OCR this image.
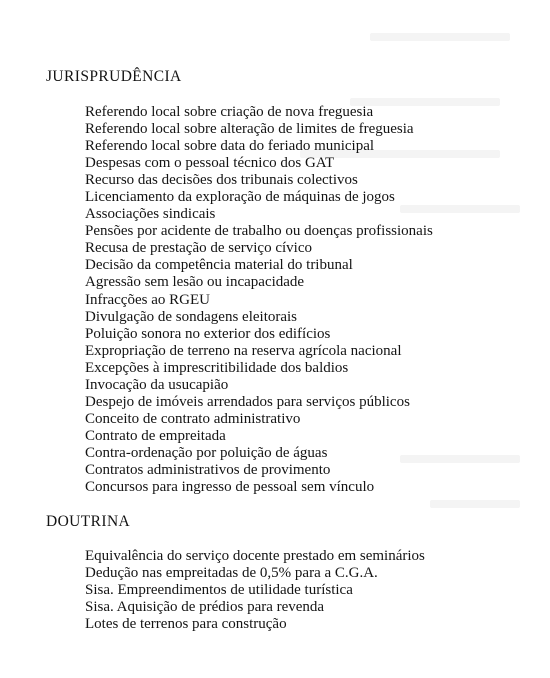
JURISPRUDÊNCIA
Referendo local sobre criação de nova freguesia
Referendo local sobre alteração de limites de freguesia
Referendo local sobre data do feriado municipal
Despesas com o pessoal técnico dos GAT
Recurso das decisões dos tribunais colectivos
Licenciamento da exploração de máquinas de jogos
Associações sindicais
Pensões por acidente de trabalho ou doenças profissionais
Recusa de prestação de serviço cívico
Decisão da competência material do tribunal
Agressão sem lesão ou incapacidade
Infracções ao RGEU
Divulgação de sondagens eleitorais
Poluição sonora no exterior dos edifícios
Expropriação de terreno na reserva agrícola nacional
Excepções à imprescritibilidade dos baldios
Invocação da usucapião
Despejo de imóveis arrendados para serviços públicos
Conceito de contrato administrativo
Contrato de empreitada
Contra-ordenação por poluição de águas
Contratos administrativos de provimento
Concursos para ingresso de pessoal sem vínculo
DOUTRINA
Equivalência do serviço docente prestado em seminários
Dedução nas empreitadas de 0,5% para a C.G.A.
Sisa. Empreendimentos de utilidade turística
Sisa. Aquisição de prédios para revenda
Lotes de terrenos para construção
